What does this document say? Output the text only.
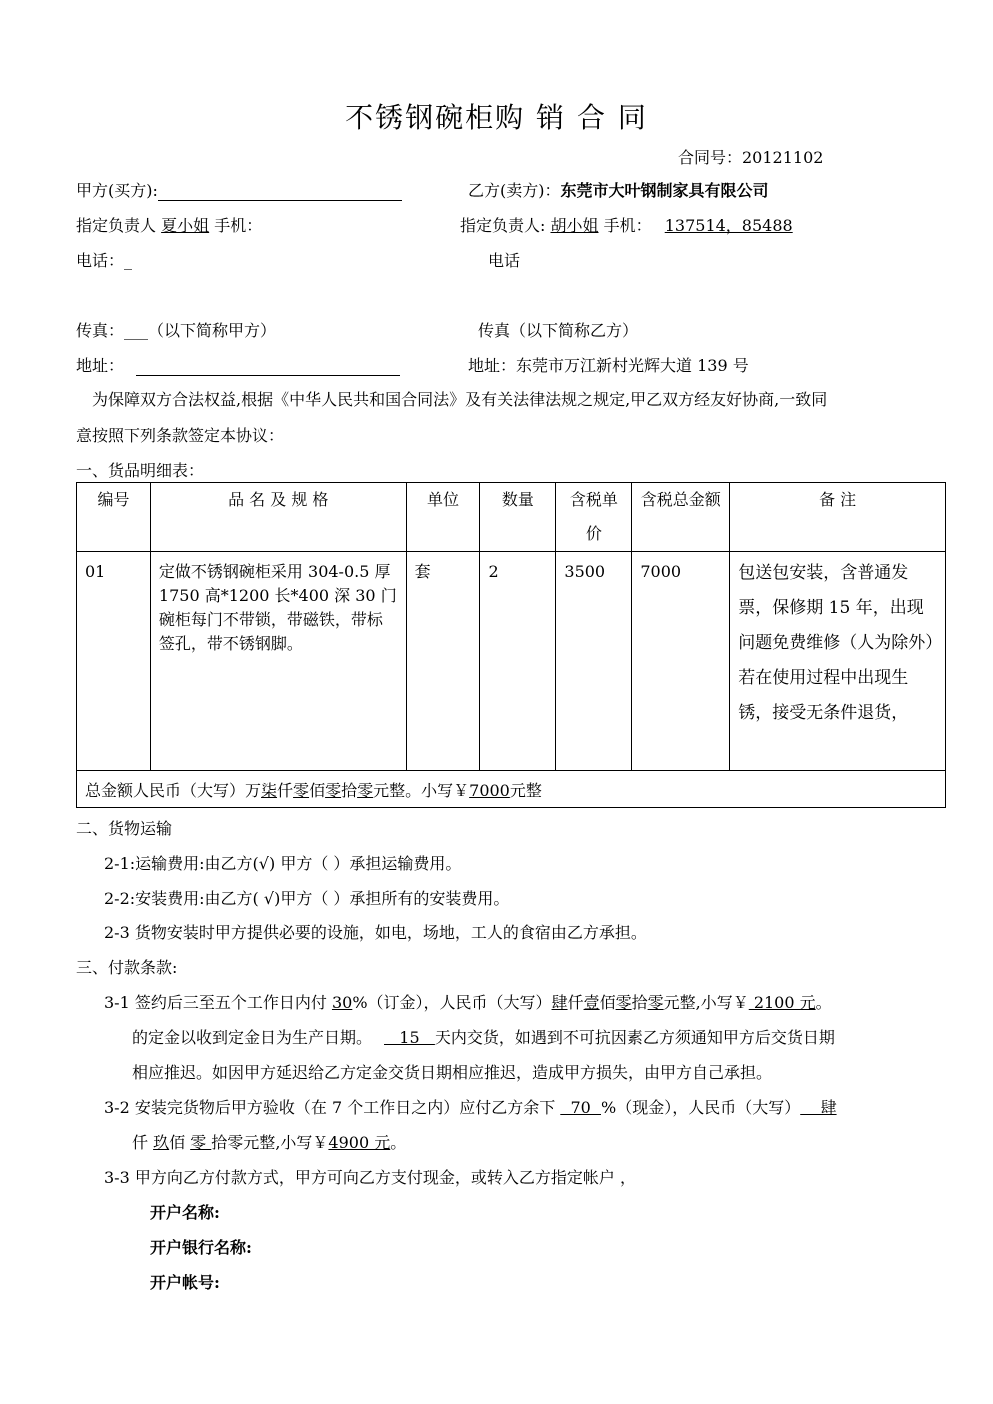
不锈钢碗柜购 销 合 同
合同号：20121102
甲方(买方):	乙方(卖方)：东莞市大叶钢制家具有限公司
指定负责人 夏小姐 手机：	指定负责人: 胡小姐 手机： 137514，85488
电话：_	电话
传真：___（以下简称甲方）	传真（以下简称乙方）
地址：	地址：东莞市万江新村光辉大道 139 号
为保障双方合法权益,根据《中华人民共和国合同法》及有关法律法规之规定,甲乙双方经友好协商,一致同
意按照下列条款签定本协议：
一、货品明细表：
编号	品 名 及 规 格	单位	数量	含税单价	含税总金额	备 注
01	定做不锈钢碗柜采用 304-0.5 厚 1750 高*1200 长*400 深 30 门碗柜每门不带锁，带磁铁，带标签孔，带不锈钢脚。	套	2	3500	7000	包送包安装，含普通发票，保修期 15 年，出现问题免费维修（人为除外）若在使用过程中出现生锈，接受无条件退货，
总金额人民币（大写）万柒仟零佰零拾零元整。小写￥7000元整						
二、货物运输
2-1:运输费用:由乙方(√) 甲方（ ）承担运输费用。
2-2:安装费用:由乙方( √)甲方（ ）承担所有的安装费用。
2-3 货物安装时甲方提供必要的设施，如电，场地，工人的食宿由乙方承担。
三、付款条款:
3-1 签约后三至五个工作日内付 30%（订金），人民币（大写）肆仟壹佰零拾零元整,小写￥ 2100 元。
的定金以收到定金日为生产日期。   15   天内交货，如遇到不可抗因素乙方须通知甲方后交货日期
相应推迟。如因甲方延迟给乙方定金交货日期相应推迟，造成甲方损失，由甲方自己承担。
3-2 安装完货物后甲方验收（在 7 个工作日之内）应付乙方余下   70  %（现金），人民币（大写）    肆
仟 玖佰 零 拾零元整,小写￥4900 元。
3-3 甲方向乙方付款方式，甲方可向乙方支付现金，或转入乙方指定帐户 ，
开户名称:
开户银行名称:
开户帐号:
